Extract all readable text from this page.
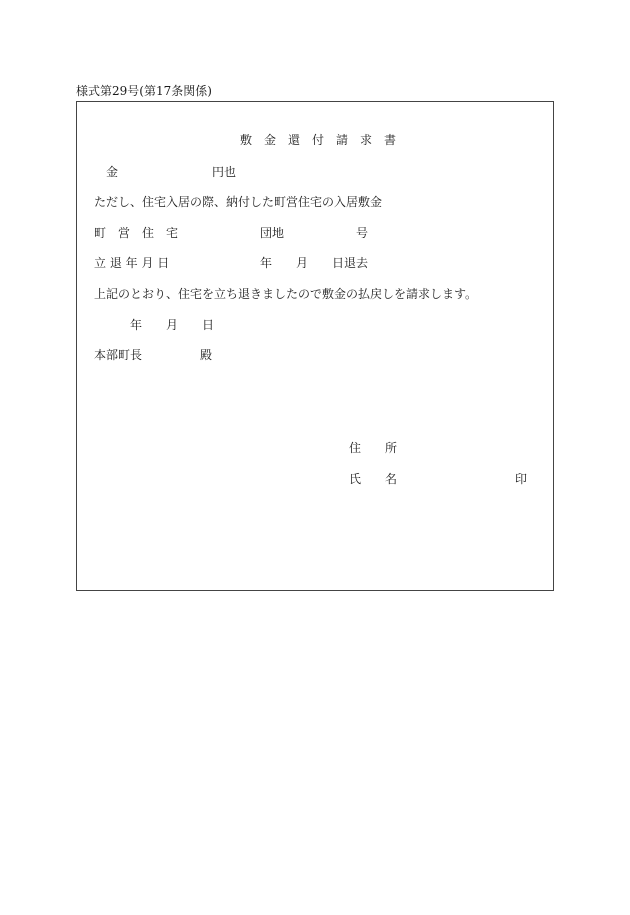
様式第29号(第17条関係)
敷　金　還　付　請　求　書
金	円也
ただし、住宅入居の際、納付した町営住宅の入居敷金
町　営　住　宅	団地	号
立 退 年 月 日	年 月 日退去
上記のとおり、住宅を立ち退きましたので敷金の払戻しを請求します。
年 月 日
本部町長	殿
住　　所
氏　　名	印
